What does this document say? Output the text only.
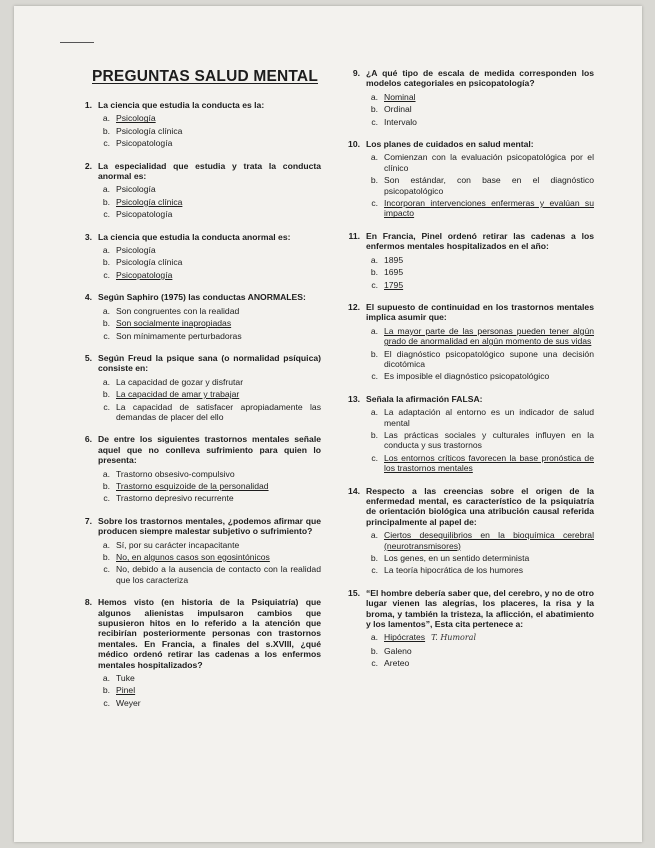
PREGUNTAS SALUD MENTAL
1. La ciencia que estudia la conducta es la:
a. Psicología
b. Psicología clínica
c. Psicopatología
2. La especialidad que estudia y trata la conducta anormal es:
a. Psicología
b. Psicología clínica
c. Psicopatología
3. La ciencia que estudia la conducta anormal es:
a. Psicología
b. Psicología clínica
c. Psicopatología
4. Según Saphiro (1975) las conductas ANORMALES:
a. Son congruentes con la realidad
b. Son socialmente inapropiadas
c. Son mínimamente perturbadoras
5. Según Freud la psique sana (o normalidad psíquica) consiste en:
a. La capacidad de gozar y disfrutar
b. La capacidad de amar y trabajar
c. La capacidad de satisfacer apropiadamente las demandas de placer del ello
6. De entre los siguientes trastornos mentales señale aquel que no conlleva sufrimiento para quien lo presenta:
a. Trastorno obsesivo-compulsivo
b. Trastorno esquizoide de la personalidad
c. Trastorno depresivo recurrente
7. Sobre los trastornos mentales, ¿podemos afirmar que producen siempre malestar subjetivo o sufrimiento?
a. Sí, por su carácter incapacitante
b. No, en algunos casos son egosintónicos
c. No, debido a la ausencia de contacto con la realidad que los caracteriza
8. Hemos visto (en historia de la Psiquiatría) que algunos alienistas impulsaron cambios que supusieron hitos en lo referido a la atención que recibirían posteriormente personas con trastornos mentales. En Francia, a finales del s.XVIII, ¿qué médico ordenó retirar las cadenas a los enfermos mentales hospitalizados?
a. Tuke
b. Pinel
c. Weyer
9. ¿A qué tipo de escala de medida corresponden los modelos categoriales en psicopatología?
a. Nominal
b. Ordinal
c. Intervalo
10. Los planes de cuidados en salud mental:
a. Comienzan con la evaluación psicopatológica por el clínico
b. Son estándar, con base en el diagnóstico psicopatológico
c. Incorporan intervenciones enfermeras y evalúan su impacto
11. En Francia, Pinel ordenó retirar las cadenas a los enfermos mentales hospitalizados en el año:
a. 1895
b. 1695
c. 1795
12. El supuesto de continuidad en los trastornos mentales implica asumir que:
a. La mayor parte de las personas pueden tener algún grado de anormalidad en algún momento de sus vidas
b. El diagnóstico psicopatológico supone una decisión dicotómica
c. Es imposible el diagnóstico psicopatológico
13. Señala la afirmación FALSA:
a. La adaptación al entorno es un indicador de salud mental
b. Las prácticas sociales y culturales influyen en la conducta y sus trastornos
c. Los entornos críticos favorecen la base pronóstica de los trastornos mentales
14. Respecto a las creencias sobre el origen de la enfermedad mental, es característico de la psiquiatría de orientación biológica una atribución causal referida principalmente al papel de:
a. Ciertos desequilibrios en la bioquímica cerebral (neurotransmisores)
b. Los genes, en un sentido determinista
c. La teoría hipocrática de los humores
15. “El hombre debería saber que, del cerebro, y no de otro lugar vienen las alegrías, los placeres, la risa y la broma, y también la tristeza, la aflicción, el abatimiento y los lamentos”, Esta cita pertenece a:
a. Hipócrates T. Humoral
b. Galeno
c. Areteo
